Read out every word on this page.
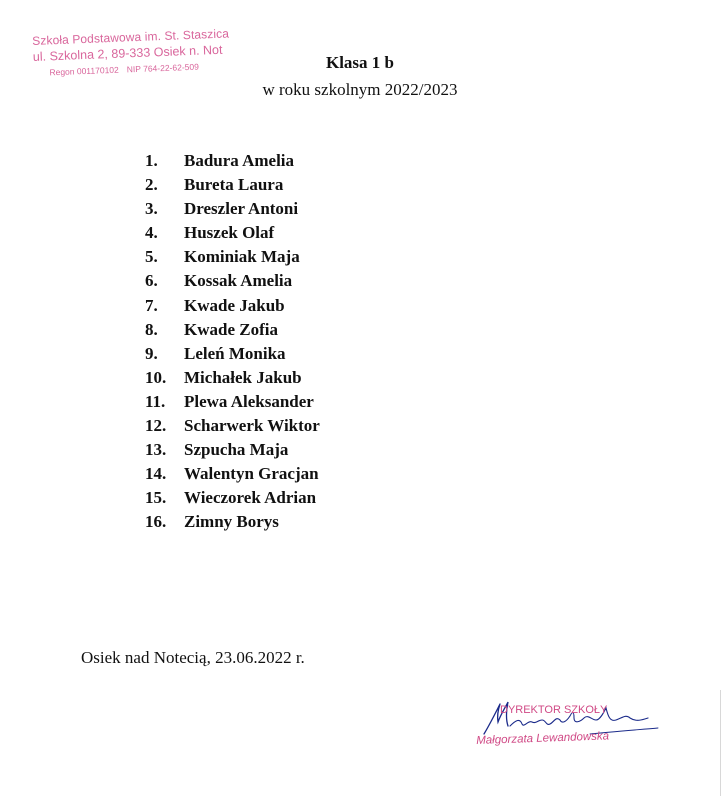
Szkoła Podstawowa im. St. Staszica
ul. Szkolna 2, 89-333 Osiek n. Not
Regon 001170102 NIP 764-22-62-509	Klasa 1 b
w roku szkolnym 2022/2023
1. Badura Amelia
2. Bureta Laura
3. Dreszler Antoni
4. Huszek Olaf
5. Kominiak Maja
6. Kossak Amelia
7. Kwade Jakub
8. Kwade Zofia
9. Leleń Monika
10. Michałek Jakub
11. Plewa Aleksander
12. Scharwerk Wiktor
13. Szpucha Maja
14. Walentyn Gracjan
15. Wieczorek Adrian
16. Zimny Borys
Osiek nad Notecią, 23.06.2022 r.
DYREKTOR SZKOŁY
Małgorzata Lewandowska
